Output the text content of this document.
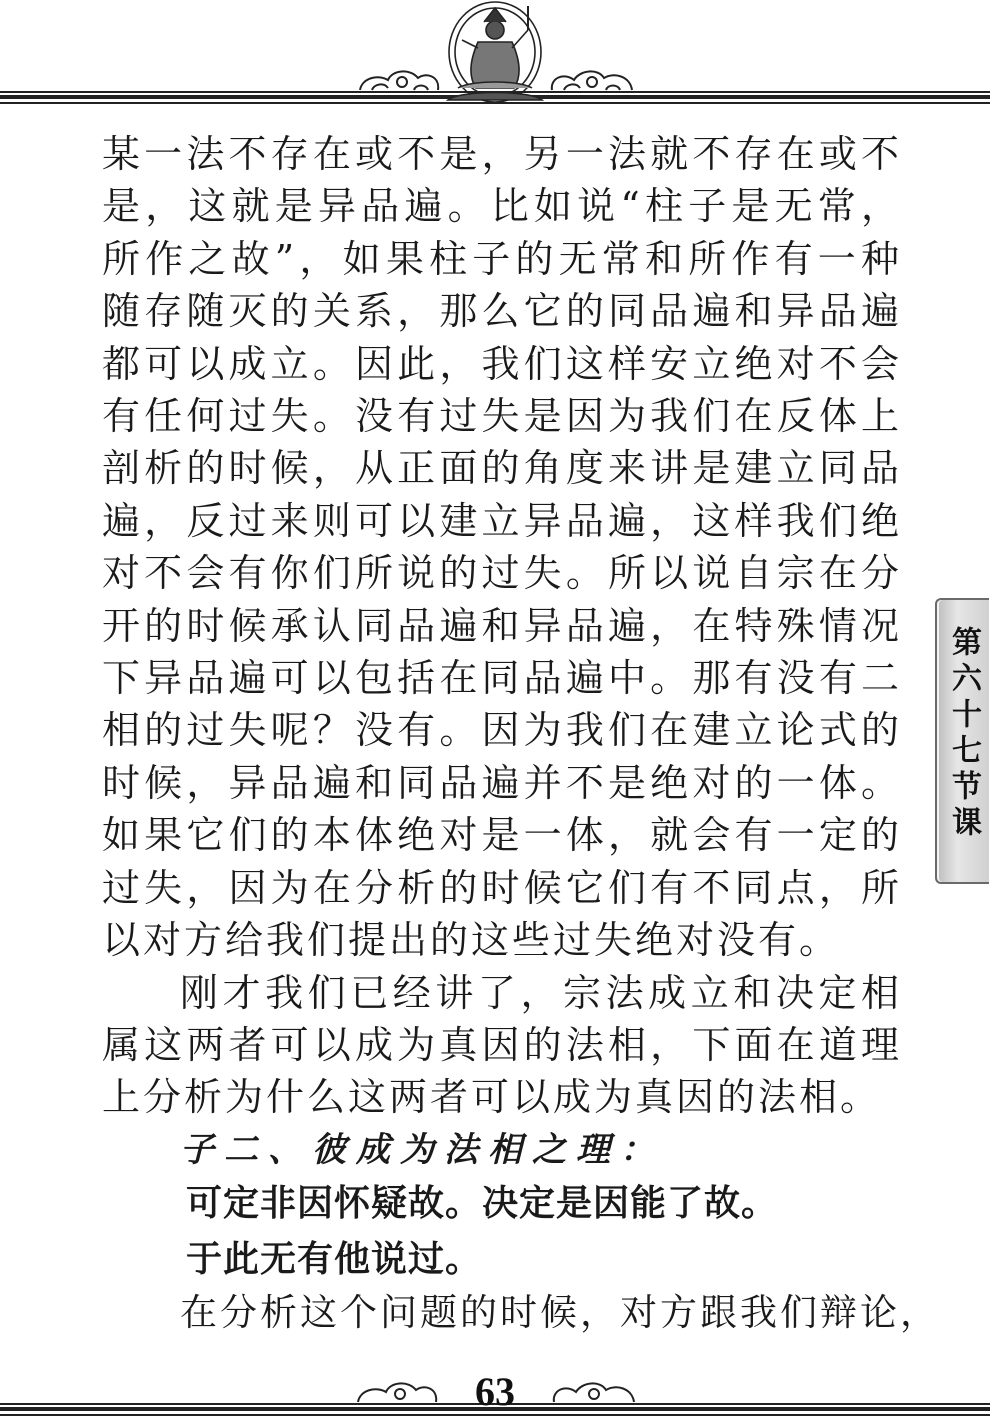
某一法不存在或不是，另一法就不存在或不是，这就是异品遍。比如说“柱子是无常，所作之故”，如果柱子的无常和所作有一种随存随灭的关系，那么它的同品遍和异品遍都可以成立。因此，我们这样安立绝对不会有任何过失。没有过失是因为我们在反体上剖析的时候，从正面的角度来讲是建立同品遍，反过来则可以建立异品遍，这样我们绝对不会有你们所说的过失。所以说自宗在分开的时候承认同品遍和异品遍，在特殊情况下异品遍可以包括在同品遍中。那有没有二相的过失呢？没有。因为我们在建立论式的时候，异品遍和同品遍并不是绝对的一体。如果它们的本体绝对是一体，就会有一定的过失，因为在分析的时候它们有不同点，所以对方给我们提出的这些过失绝对没有。

刚才我们已经讲了，宗法成立和决定相属这两者可以成为真因的法相，下面在道理上分析为什么这两者可以成为真因的法相。

子二、彼成为法相之理：
可定非因怀疑故。决定是因能了故。
于此无有他说过。
在分析这个问题的时候，对方跟我们辩论，
第六十七节课
63
